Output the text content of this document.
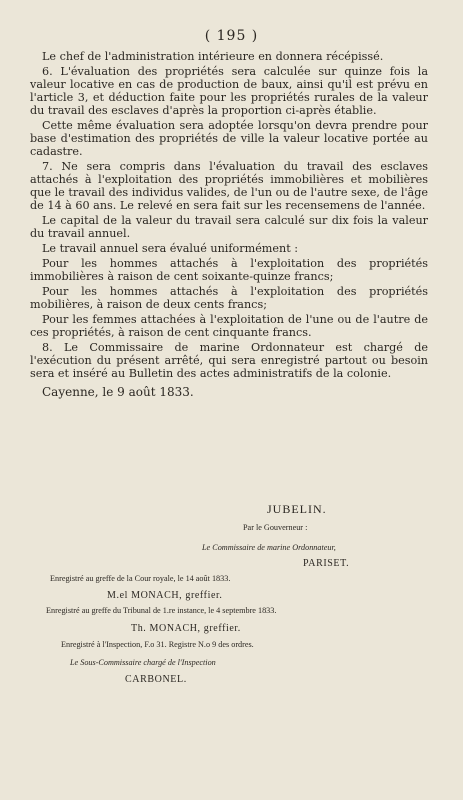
( 195 )

Le chef de l'administration intérieure en donnera récépissé.

6. L'évaluation des propriétés sera calculée sur quinze fois la valeur locative en cas de production de baux, ainsi qu'il est prévu en l'article 3, et déduction faite pour les propriétés rurales de la valeur du travail des esclaves d'après la proportion ci-après établie.

Cette même évaluation sera adoptée lorsqu'on devra prendre pour base d'estimation des propriétés de ville la valeur locative portée au cadastre.

7. Ne sera compris dans l'évaluation du travail des esclaves attachés à l'exploitation des propriétés immobilières et mobilières que le travail des individus valides, de l'un ou de l'autre sexe, de l'âge de 14 à 60 ans. Le relevé en sera fait sur les recensemens de l'année.

Le capital de la valeur du travail sera calculé sur dix fois la valeur du travail annuel.

Le travail annuel sera évalué uniformément :

Pour les hommes attachés à l'exploitation des propriétés immobilières à raison de cent soixante-quinze francs;

Pour les hommes attachés à l'exploitation des propriétés mobilières, à raison de deux cents francs;

Pour les femmes attachées à l'exploitation de l'une ou de l'autre de ces propriétés, à raison de cent cinquante francs.

8. Le Commissaire de marine Ordonnateur est chargé de l'exécution du présent arrêté, qui sera enregistré partout ou besoin sera et inséré au Bulletin des actes administratifs de la colonie.

Cayenne, le 9 août 1833.

JUBELIN.
Par le Gouverneur :
Le Commissaire de marine Ordonnateur,
PARISET.
Enregistré au greffe de la Cour royale, le 14 août 1833.
M.el MONACH, greffier.
Enregistré au greffe du Tribunal de 1.re instance, le 4 septembre 1833.
Th. MONACH, greffier.
Enregistré à l'Inspection, F.o 31. Registre N.o 9 des ordres.
Le Sous-Commissaire chargé de l'Inspection
CARBONEL.
